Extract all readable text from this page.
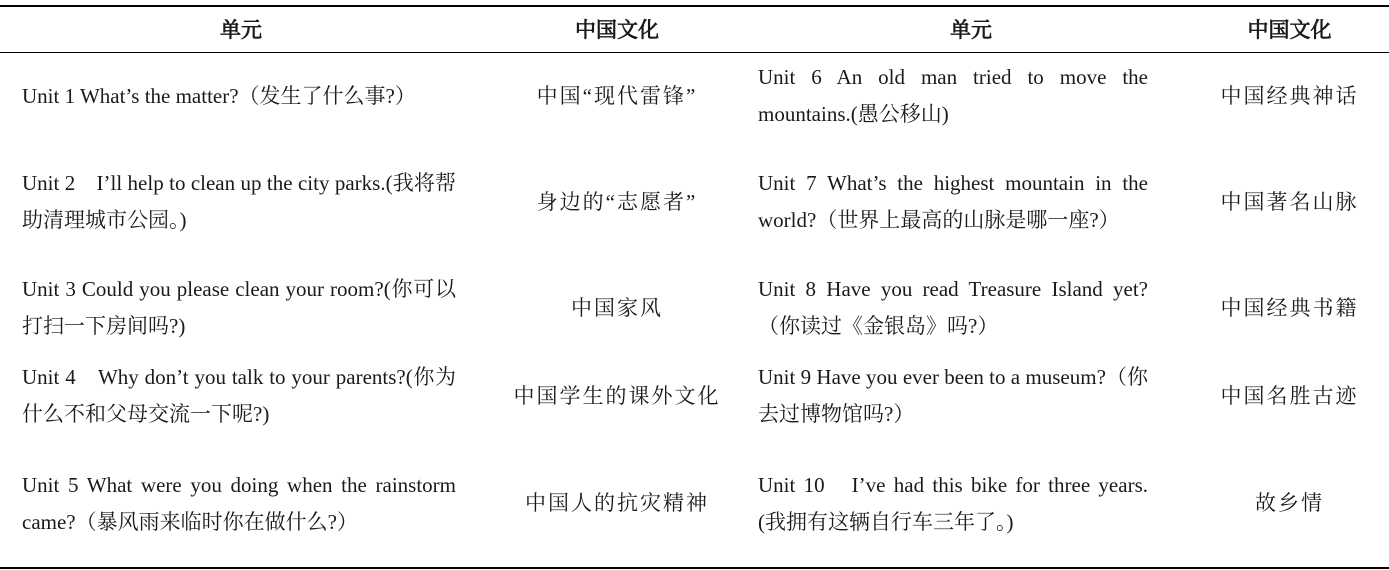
单元	中国文化	单元	中国文化
Unit 1 What’s the matter?（发生了什么事?）	中国“现代雷锋”	Unit 6 An old man tried to move the mountains.(愚公移山)	中国经典神话
Unit 2　I’ll help to clean up the city parks.(我将帮助清理城市公园。)	身边的“志愿者”	Unit 7 What’s the highest mountain in the world?（世界上最高的山脉是哪一座?）	中国著名山脉
Unit 3 Could you please clean your room?(你可以打扫一下房间吗?)	中国家风	Unit 8 Have you read Treasure Island yet?（你读过《金银岛》吗?）	中国经典书籍
Unit 4　Why don’t you talk to your parents?(你为什么不和父母交流一下呢?)	中国学生的课外文化	Unit 9 Have you ever been to a museum?（你去过博物馆吗?）	中国名胜古迹
Unit 5 What were you doing when the rainstorm came?（暴风雨来临时你在做什么?）	中国人的抗灾精神	Unit 10　I’ve had this bike for three years.(我拥有这辆自行车三年了。)	故乡情
